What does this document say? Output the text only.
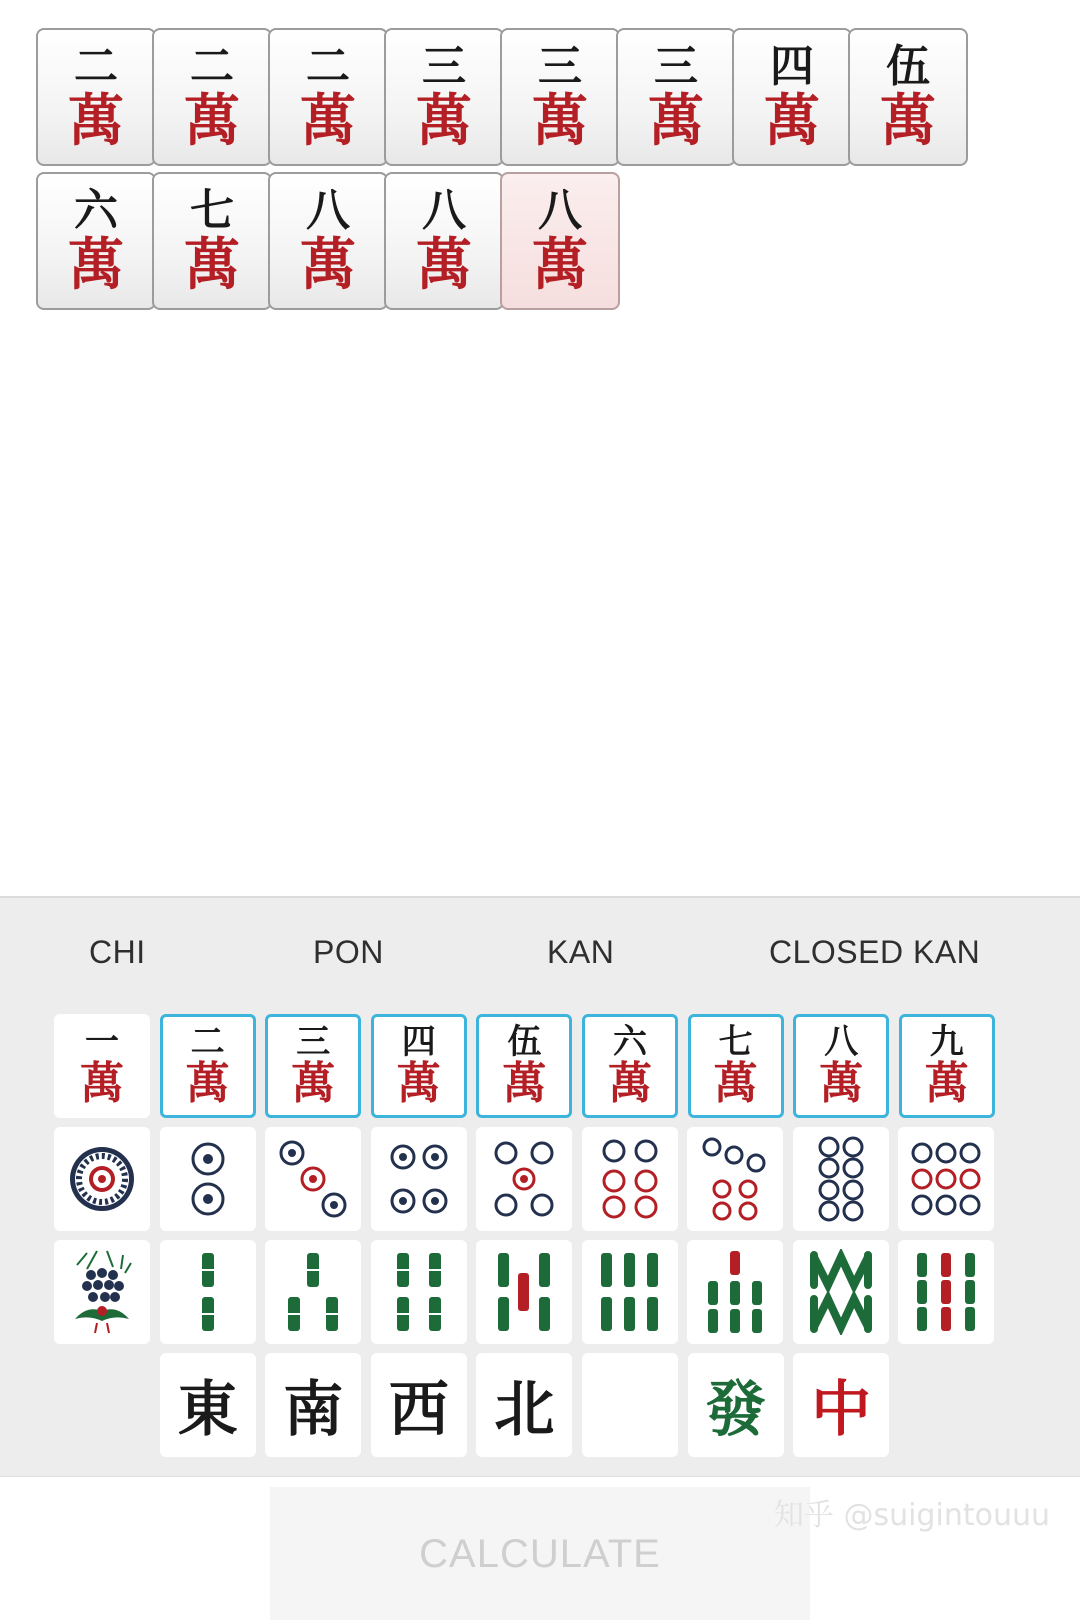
二
萬
二
萬
二
萬
三
萬
三
萬
三
萬
四
萬
伍
萬
六
萬
七
萬
八
萬
八
萬
八
萬
CHI	PON	KAN	CLOSED KAN
一
萬
二
萬
三
萬
四
萬
伍
萬
六
萬
七
萬
八
萬
九
萬
東 南 西 北	發 中
CALCULATE
知乎 @suigintouuu
